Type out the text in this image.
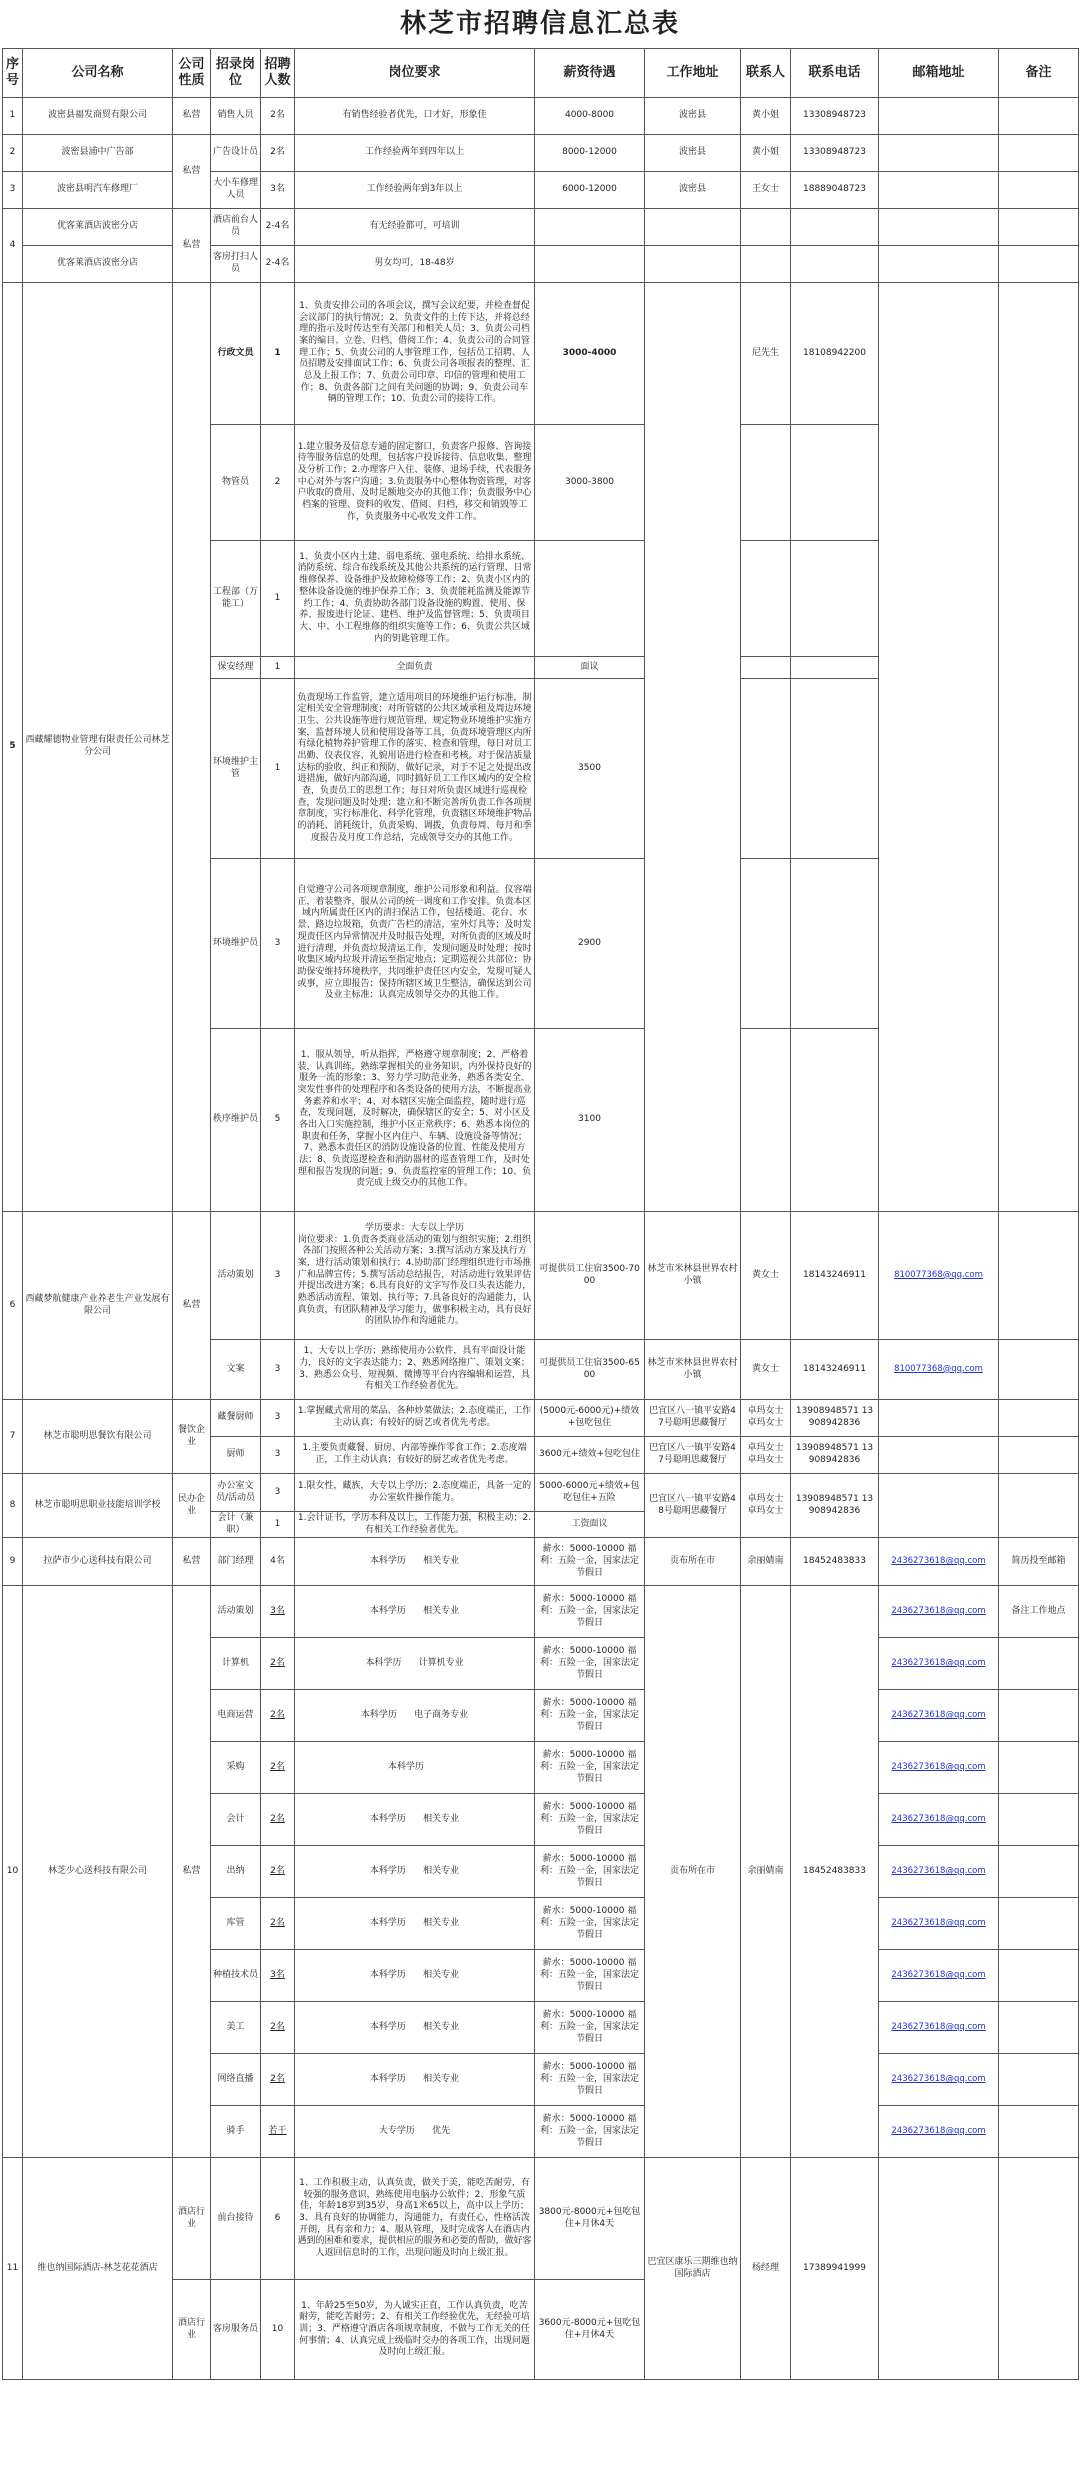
林芝市招聘信息汇总表
序号	公司名称	公司性质	招录岗位	招聘人数	岗位要求	薪资待遇	工作地址	联系人	联系电话	邮箱地址	备注
1	波密县福发商贸有限公司	私营	销售人员	2名	有销售经验者优先，口才好，形象佳	4000-8000	波密县	黄小姐	13308948723		
2	波密县浦中广告部	私营	广告设计员	2名	工作经验两年到四年以上	8000-12000	波密县	黄小姐	13308948723		
3	波密县明汽车修理厂		大小车修理人员	3名	工作经验两年到3年以上	6000-12000	波密县	王女士	18889048723		
4	优客莱酒店波密分店	私营	酒店前台人员	2-4名	有无经验都可，可培训						
	优客莱酒店波密分店		客房打扫人员	2-4名	男女均可，18-48岁						
5	西藏耀德物业管理有限责任公司林芝分公司		行政文员	1	1、负责安排公司的各项会议，撰写会议纪要，并检查督促会议部门的执行情况；2、负责文件的上传下达，并将总经理的指示及时传达至有关部门和相关人员；3、负责公司档案的编目、立卷、归档、借阅工作；4、负责公司的合同管理工作；5、负责公司的人事管理工作，包括员工招聘、人员招聘及安排面试工作；6、负责公司各项报表的整理、汇总及上报工作；7、负责公司印章、印信的管理和使用工作；8、负责各部门之间有关问题的协调；9、负责公司车辆的管理工作；10、负责公司的接待工作。	3000-4000		尼先生	18108942200		
			物管员	2	1.建立服务及信息专通的固定窗口，负责客户报修、咨询接待等服务信息的处理，包括客户投诉接待、信息收集、整理及分析工作；2.办理客户入住、装修、退场手续，代表服务中心对外与客户沟通；3.负责服务中心整体物资管理，对客户收取的费用、及时足额地交办的其他工作；负责服务中心档案的管理、资料的收发、借阅、归档，移交和销毁等工作，负责服务中心收发文件工作。	3000-3800					
			工程部（万能工）	1	1、负责小区内土建、弱电系统、强电系统、给排水系统、消防系统、综合布线系统及其他公共系统的运行管理、日常维修保养、设备维护及故障检修等工作；2、负责小区内的整体设备设施的维护保养工作；3、负责能耗监测及能源节约工作；4、负责协助各部门设备设施的购置、使用、保养、报废进行论证、建档、维护及监督管理；5、负责项目大、中、小工程维修的组织实施等工作；6、负责公共区域内的钥匙管理工作。						
			保安经理	1	全面负责	面议					
			环境维护主管	1	负责现场工作监管，建立适用项目的环境维护运行标准，制定相关安全管理制度；对所管辖的公共区域承租及周边环境卫生、公共设施等进行规范管理、规定物业环境维护实施方案，监督环境人员和使用设备等工具，负责环境管理区内所有绿化植物养护管理工作的落实、检查和管理，每日对员工出勤、仪表仪容、礼貌用语进行检查和考核。对于保洁质量达标的验收、纠正和预防，做好记录，对于不足之处提出改进措施，做好内部沟通，同时搞好员工工作区域内的安全检查，负责员工的思想工作；每日对所负责区域进行巡视检查，发现问题及时处理；建立和不断完善所负责工作各项规章制度，实行标准化、科学化管理，负责辖区环境维护物品的消耗、消耗统计，负责采购、调拨，负责每周、每月和季度报告及月度工作总结，完成领导交办的其他工作。	3500					
			环境维护员	3	自觉遵守公司各项规章制度，维护公司形象和利益。仪容端正，着装整齐，服从公司的统一调度和工作安排。负责本区域内所属责任区内的清扫保洁工作，包括楼道、花台、水景、路边垃圾箱，负责广告栏的清洁，室外灯具等；及时发现责任区内异常情况并及时报告处理，对所负责的区域及时进行清理，并负责垃圾清运工作，发现问题及时处理；按时收集区域内垃圾并清运至指定地点；定期巡视公共部位；协助保安维持环境秩序，共同维护责任区内安全，发现可疑人或事，应立即报告；保持所辖区域卫生整洁，确保达到公司及业主标准；认真完成领导交办的其他工作。	2900					
			秩序维护员	5	1、服从领导，听从指挥，严格遵守规章制度；2、严格着装，认真训练，熟练掌握相关的业务知识，内外保持良好的服务一流的形象；3、努力学习防范业务，熟悉各类安全、突发性事件的处理程序和各类设备的使用方法，不断提高业务素养和水平；4、对本辖区实施全面监控，随时进行巡查，发现问题，及时解决，确保辖区的安全；5、对小区及各出入口实施控制，维护小区正常秩序；6、熟悉本岗位的职责和任务，掌握小区内住户、车辆、设施设备等情况；7、熟悉本责任区的消防设施设备的位置、性能及使用方法；8、负责巡逻检查和消防器材的巡查管理工作，及时处理和报告发现的问题；9、负责监控室的管理工作；10、负责完成上级交办的其他工作。	3100					
6	西藏梦航健康产业养老生产业发展有限公司	私营	活动策划	3	学历要求：大专以上学历
岗位要求：1.负责各类商业活动的策划与组织实施；2.组织各部门按照各种公关活动方案；3.撰写活动方案及执行方案，进行活动策划和执行；4.协助部门经理组织进行市场推广和品牌宣传；5.撰写活动总结报告，对活动进行效果评估并提出改进方案；6.具有良好的文字写作及口头表达能力，熟悉活动流程、策划、执行等；7.具备良好的沟通能力，认真负责，有团队精神及学习能力，做事积极主动，具有良好的团队协作和沟通能力。	可提供员工住宿3500-7000	林芝市米林县世界农村小镇	黄女士	18143246911	810077368@qq.com	
			文案	3	1、大专以上学历；熟练使用办公软件，具有平面设计能力，良好的文字表达能力；2、熟悉网络推广、策划文案；3、熟悉公众号、短视频、微博等平台内容编辑和运营，具有相关工作经验者优先。	可提供员工住宿3500-6500	林芝市米林县世界农村小镇	黄女士	18143246911	810077368@qq.com	
7	林芝市聪明思餐饮有限公司	餐饮企业	藏餐厨师	3	1.掌握藏式常用的菜品、各种炒菜做法；2.态度端正，工作主动认真；有较好的厨艺或者优先考虑。	(5000元-6000元)+绩效+包吃包住	巴宜区八一镇平安路47号聪明思藏餐厅	卓玛女士 卓玛女士	13908948571 13908942836		
			厨师	3	1.主要负责藏餐、厨房、内部等操作零食工作；2.态度端正，工作主动认真；有较好的厨艺或者优先考虑。	3600元+绩效+包吃包住	巴宜区八一镇平安路47号聪明思藏餐厅	卓玛女士 卓玛女士	13908948571 13908942836		
8	林芝市聪明思职业技能培训学校	民办企业	办公室文员/活动员	3	1.限女性，藏族，大专以上学历；2.态度端正，具备一定的办公室软件操作能力。	5000-6000元+绩效+包吃包住+五险	巴宜区八一镇平安路48号聪明思藏餐厅	卓玛女士 卓玛女士	13908948571 13908942836		
			会计（兼职）	1	1.会计证书，学历本科及以上，工作能力强，积极主动；2.有相关工作经验者优先。	工资面议					
9	拉萨市少心送科技有限公司	私营	部门经理	4名	本科学历 相关专业	薪水：5000-10000 福利：五险一金，国家法定节假日	贡布所在市	余丽婧南	18452483833	2436273618@qq.com	简历投至邮箱
10	林芝少心送科技有限公司	私营	活动策划	3名	本科学历 相关专业	薪水：5000-10000 福利：五险一金，国家法定节假日	贡布所在市	余丽婧南	18452483833	2436273618@qq.com	备注工作地点
			计算机	2名	本科学历 计算机专业	薪水：5000-10000 福利：五险一金，国家法定节假日				2436273618@qq.com	
			电商运营	2名	本科学历 电子商务专业	薪水：5000-10000 福利：五险一金，国家法定节假日				2436273618@qq.com	
			采购	2名	本科学历	薪水：5000-10000 福利：五险一金，国家法定节假日				2436273618@qq.com	
			会计	2名	本科学历 相关专业	薪水：5000-10000 福利：五险一金，国家法定节假日				2436273618@qq.com	
			出纳	2名	本科学历 相关专业	薪水：5000-10000 福利：五险一金，国家法定节假日				2436273618@qq.com	
			库管	2名	本科学历 相关专业	薪水：5000-10000 福利：五险一金，国家法定节假日				2436273618@qq.com	
			种植技术员	3名	本科学历 相关专业	薪水：5000-10000 福利：五险一金，国家法定节假日				2436273618@qq.com	
			美工	2名	本科学历 相关专业	薪水：5000-10000 福利：五险一金，国家法定节假日				2436273618@qq.com	
			网络直播	2名	本科学历 相关专业	薪水：5000-10000 福利：五险一金，国家法定节假日				2436273618@qq.com	
			骑手	若干	大专学历 优先	薪水：5000-10000 福利：五险一金，国家法定节假日				2436273618@qq.com	
11	维也纳国际酒店-林芝花花酒店	酒店行业	前台接待	6	1、工作积极主动，认真负责，做关于美，能吃苦耐劳，有较强的服务意识，熟练使用电脑办公软件；2、形象气质佳，年龄18岁到35岁，身高1米65以上，高中以上学历；3、具有良好的协调能力，沟通能力，有责任心，性格活泼开朗，具有亲和力；4、服从管理，及时完成客人在酒店内遇到的困难和要求，提供相应的服务和必要的帮助，做好客人返回信息时的工作，出现问题及时向上级汇报。	3800元-8000元+包吃包住+月休4天	巴宜区康乐三期维也纳国际酒店	杨经理	17389941999		
		酒店行业	客房服务员	10	1、年龄25至50岁，为人诚实正直，工作认真负责，吃苦耐劳，能吃苦耐劳；2、有相关工作经验优先，无经验可培训；3、严格遵守酒店各项规章制度，不做与工作无关的任何事情；4、认真完成上级临时交办的各项工作，出现问题及时向上级汇报。	3600元-8000元+包吃包住+月休4天					
